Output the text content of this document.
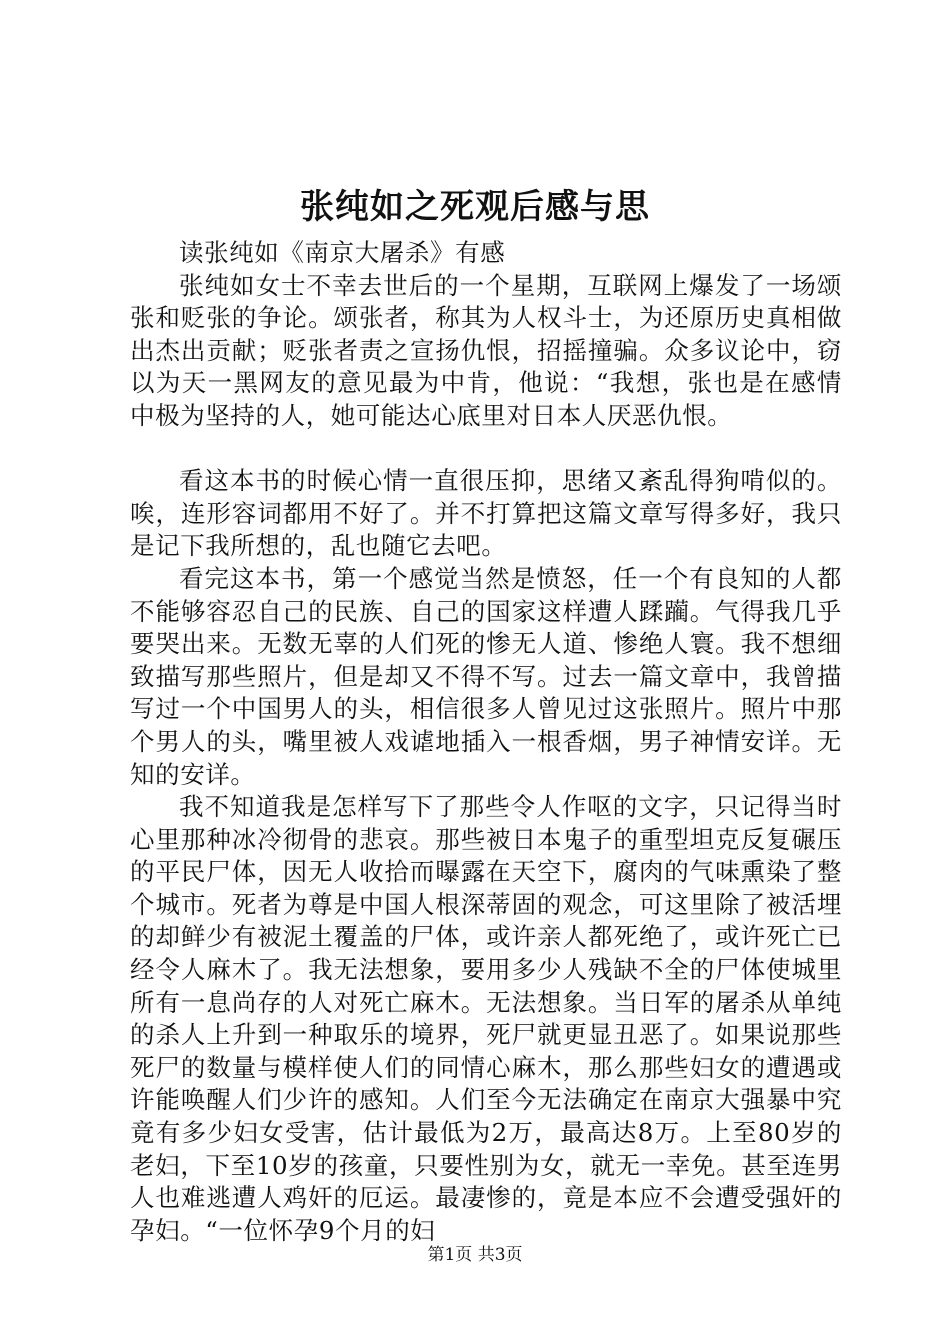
张纯如之死观后感与思

读张纯如《南京大屠杀》有感

张纯如女士不幸去世后的一个星期，互联网上爆发了一场颂张和贬张的争论。颂张者，称其为人权斗士，为还原历史真相做出杰出贡献；贬张者责之宣扬仇恨，招摇撞骗。众多议论中，窃以为天一黑网友的意见最为中肯，他说：“我想，张也是在感情中极为坚持的人，她可能达心底里对日本人厌恶仇恨。

看这本书的时候心情一直很压抑，思绪又紊乱得狗啃似的。唉，连形容词都用不好了。并不打算把这篇文章写得多好，我只是记下我所想的，乱也随它去吧。

看完这本书，第一个感觉当然是愤怒，任一个有良知的人都不能够容忍自己的民族、自己的国家这样遭人蹂躏。气得我几乎要哭出来。无数无辜的人们死的惨无人道、惨绝人寰。我不想细致描写那些照片，但是却又不得不写。过去一篇文章中，我曾描写过一个中国男人的头，相信很多人曾见过这张照片。照片中那个男人的头，嘴里被人戏谑地插入一根香烟，男子神情安详。无知的安详。

我不知道我是怎样写下了那些令人作呕的文字，只记得当时心里那种冰冷彻骨的悲哀。那些被日本鬼子的重型坦克反复碾压的平民尸体，因无人收拾而曝露在天空下，腐肉的气味熏染了整个城市。死者为尊是中国人根深蒂固的观念，可这里除了被活埋的却鲜少有被泥土覆盖的尸体，或许亲人都死绝了，或许死亡已经令人麻木了。我无法想象，要用多少人残缺不全的尸体使城里所有一息尚存的人对死亡麻木。无法想象。当日军的屠杀从单纯的杀人上升到一种取乐的境界，死尸就更显丑恶了。如果说那些死尸的数量与模样使人们的同情心麻木，那么那些妇女的遭遇或许能唤醒人们少许的感知。人们至今无法确定在南京大强暴中究竟有多少妇女受害，估计最低为2万，最高达8万。上至80岁的老妇，下至10岁的孩童，只要性别为女，就无一幸免。甚至连男人也难逃遭人鸡奸的厄运。最凄惨的，竟是本应不会遭受强奸的孕妇。“一位怀孕9个月的妇

第1页 共3页
